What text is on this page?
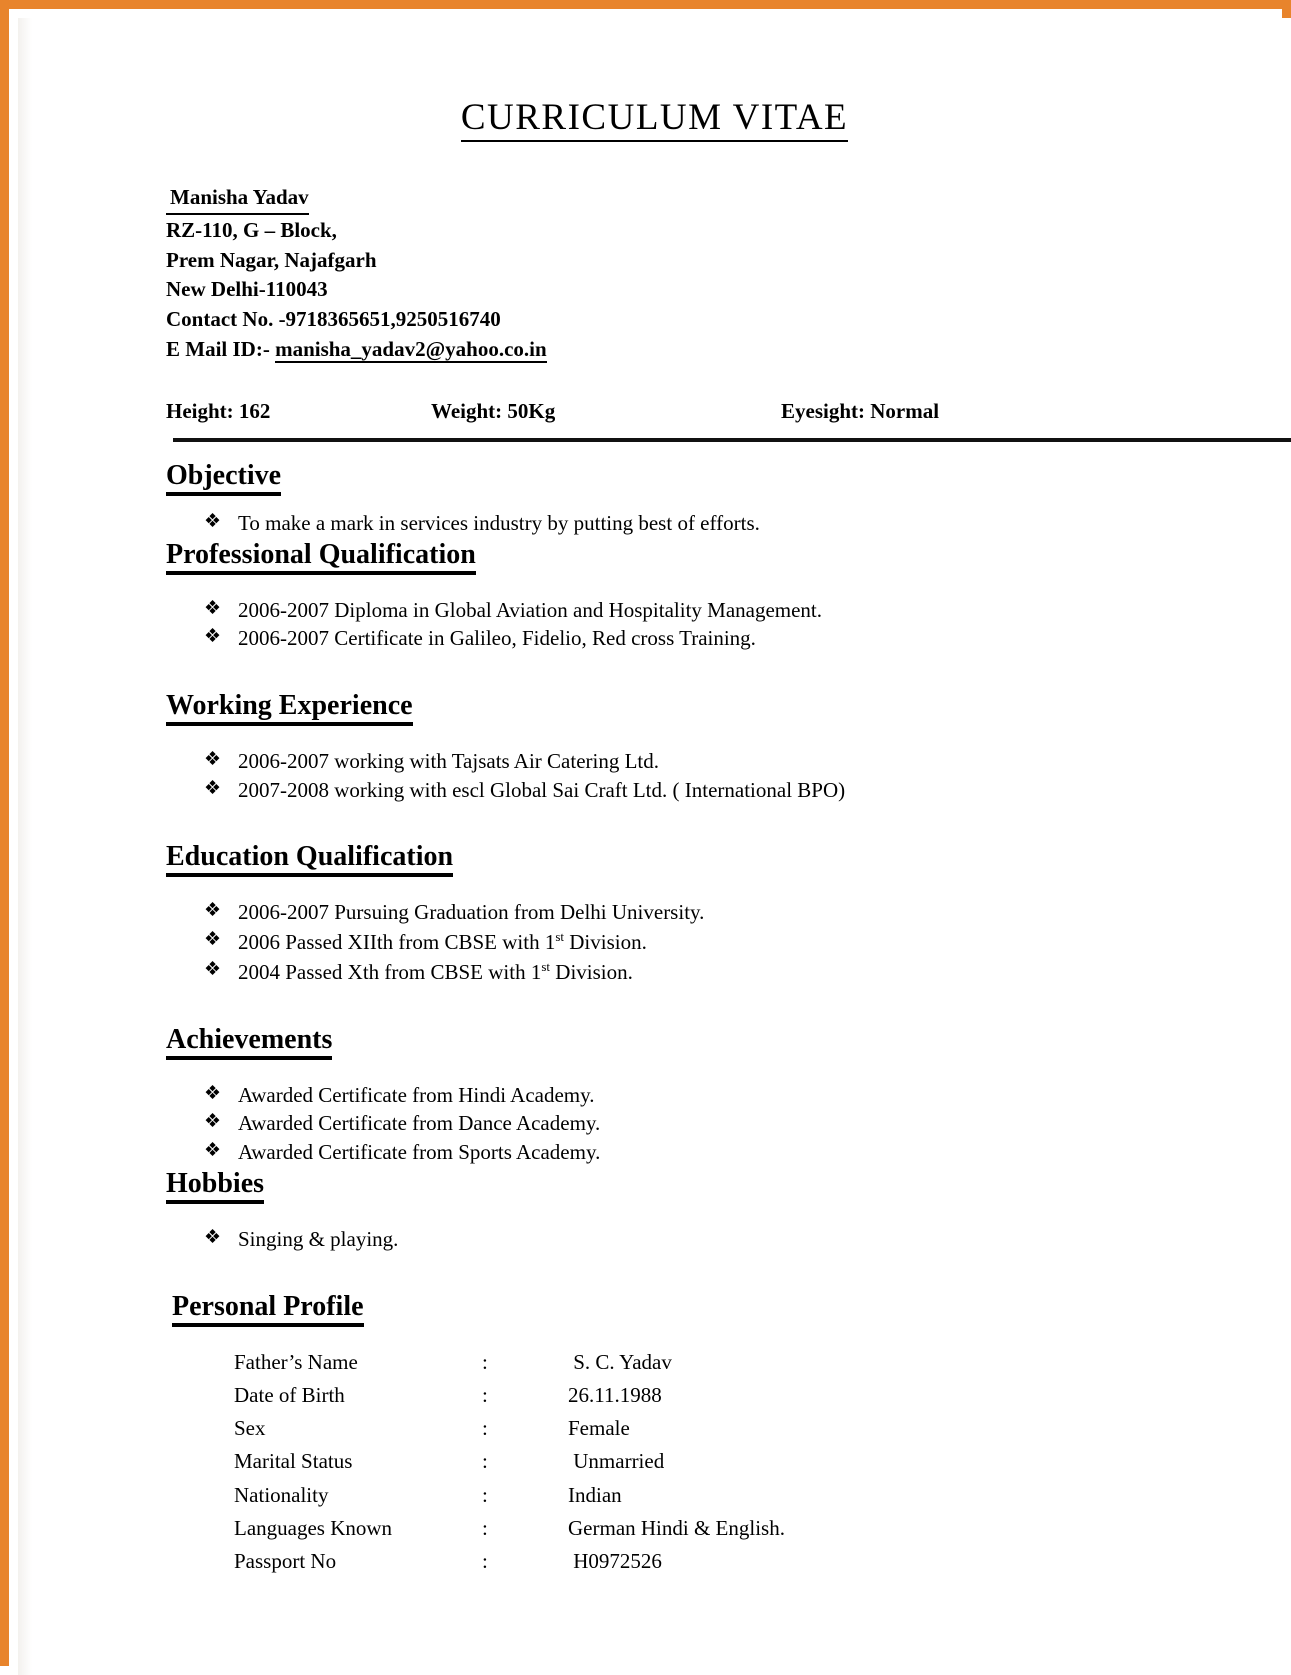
CURRICULUM VITAE
Manisha Yadav
RZ-110, G – Block,
Prem Nagar, Najafgarh
New Delhi-110043
Contact No. -9718365651,9250516740
E Mail ID:- manisha_yadav2@yahoo.co.in
Height: 162	Weight: 50Kg	Eyesight: Normal
Objective
❖ To make a mark in services industry by putting best of efforts.
Professional Qualification
❖ 2006-2007 Diploma in Global Aviation and Hospitality Management.
❖ 2006-2007 Certificate in Galileo, Fidelio, Red cross Training.
Working Experience
❖ 2006-2007 working with Tajsats Air Catering Ltd.
❖ 2007-2008 working with escl Global Sai Craft Ltd. ( International BPO)
Education Qualification
❖ 2006-2007 Pursuing Graduation from Delhi University.
❖ 2006 Passed XIIth from CBSE with 1st Division.
❖ 2004 Passed Xth from CBSE with 1st Division.
Achievements
❖ Awarded Certificate from Hindi Academy.
❖ Awarded Certificate from Dance Academy.
❖ Awarded Certificate from Sports Academy.
Hobbies
❖ Singing & playing.
Personal Profile
Father’s Name	:	S. C. Yadav
Date of Birth	:	26.11.1988
Sex	:	Female
Marital Status	:	Unmarried
Nationality	:	Indian
Languages Known	:	German Hindi & English.
Passport No	:	H0972526
